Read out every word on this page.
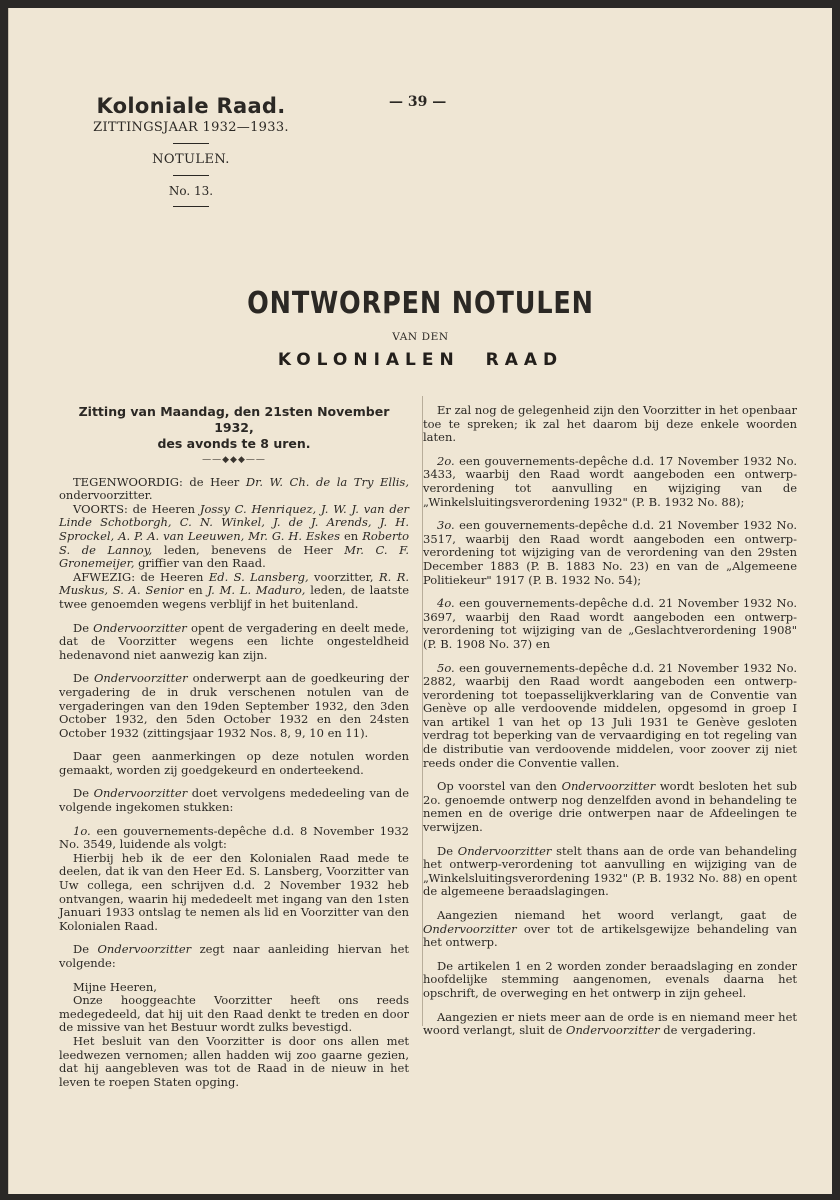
Koloniale Raad.
ZITTINGSJAAR 1932—1933.
NOTULEN.
No. 13.
— 39 —
ONTWORPEN NOTULEN
VAN DEN
KOLONIALEN RAAD
Zitting van Maandag, den 21sten November 1932,
des avonds te 8 uren.
——◆◆◆——
TEGENWOORDIG: de Heer Dr. W. Ch. de la Try Ellis, ondervoorzitter.
VOORTS: de Heeren Jossy C. Henriquez, J. W. J. van der Linde Schotborgh, C. N. Winkel, J. de J. Arends, J. H. Sprockel, A. P. A. van Leeuwen, Mr. G. H. Eskes en Roberto S. de Lannoy, leden, benevens de Heer Mr. C. F. Gronemeijer, griffier van den Raad.
AFWEZIG: de Heeren Ed. S. Lansberg, voorzitter, R. R. Muskus, S. A. Senior en J. M. L. Maduro, leden, de laatste twee genoemden wegens verblijf in het buitenland.
De Ondervoorzitter opent de vergadering en deelt mede, dat de Voorzitter wegens een lichte ongesteldheid hedenavond niet aanwezig kan zijn.
De Ondervoorzitter onderwerpt aan de goedkeuring der vergadering de in druk verschenen notulen van de vergaderingen van den 19den September 1932, den 3den October 1932, den 5den October 1932 en den 24sten October 1932 (zittingsjaar 1932 Nos. 8, 9, 10 en 11).
Daar geen aanmerkingen op deze notulen worden gemaakt, worden zij goedgekeurd en onderteekend.
De Ondervoorzitter doet vervolgens mededeeling van de volgende ingekomen stukken:
1o. een gouvernements-depêche d.d. 8 November 1932 No. 3549, luidende als volgt:
Hierbij heb ik de eer den Kolonialen Raad mede te deelen, dat ik van den Heer Ed. S. Lansberg, Voorzitter van Uw collega, een schrijven d.d. 2 November 1932 heb ontvangen, waarin hij mededeelt met ingang van den 1sten Januari 1933 ontslag te nemen als lid en Voorzitter van den Kolonialen Raad.
De Ondervoorzitter zegt naar aanleiding hiervan het volgende:
Mijne Heeren,
Onze hooggeachte Voorzitter heeft ons reeds medegedeeld, dat hij uit den Raad denkt te treden en door de missive van het Bestuur wordt zulks bevestigd.
Het besluit van den Voorzitter is door ons allen met leedwezen vernomen; allen hadden wij zoo gaarne gezien, dat hij aangebleven was tot de Raad in de nieuw in het leven te roepen Staten opging.
Er zal nog de gelegenheid zijn den Voorzitter in het openbaar toe te spreken; ik zal het daarom bij deze enkele woorden laten.
2o. een gouvernements-depêche d.d. 17 November 1932 No. 3433, waarbij den Raad wordt aangeboden een ontwerp-verordening tot aanvulling en wijziging van de „Winkelsluitingsverordening 1932" (P. B. 1932 No. 88);
3o. een gouvernements-depêche d.d. 21 November 1932 No. 3517, waarbij den Raad wordt aangeboden een ontwerp-verordening tot wijziging van de verordening van den 29sten December 1883 (P. B. 1883 No. 23) en van de „Algemeene Politiekeur" 1917 (P. B. 1932 No. 54);
4o. een gouvernements-depêche d.d. 21 November 1932 No. 3697, waarbij den Raad wordt aangeboden een ontwerp-verordening tot wijziging van de „Geslachtverordening 1908" (P. B. 1908 No. 37) en
5o. een gouvernements-depêche d.d. 21 November 1932 No. 2882, waarbij den Raad wordt aangeboden een ontwerp-verordening tot toepasselijkverklaring van de Conventie van Genève op alle verdoovende middelen, opgesomd in groep I van artikel 1 van het op 13 Juli 1931 te Genève gesloten verdrag tot beperking van de vervaardiging en tot regeling van de distributie van verdoovende middelen, voor zoover zij niet reeds onder die Conventie vallen.
Op voorstel van den Ondervoorzitter wordt besloten het sub 2o. genoemde ontwerp nog denzelfden avond in behandeling te nemen en de overige drie ontwerpen naar de Afdeelingen te verwijzen.
De Ondervoorzitter stelt thans aan de orde van behandeling het ontwerp-verordening tot aanvulling en wijziging van de „Winkelsluitingsverordening 1932" (P. B. 1932 No. 88) en opent de algemeene beraadslagingen.
Aangezien niemand het woord verlangt, gaat de Ondervoorzitter over tot de artikelsgewijze behandeling van het ontwerp.
De artikelen 1 en 2 worden zonder beraadslaging en zonder hoofdelijke stemming aangenomen, evenals daarna het opschrift, de overweging en het ontwerp in zijn geheel.
Aangezien er niets meer aan de orde is en niemand meer het woord verlangt, sluit de Ondervoorzitter de vergadering.
